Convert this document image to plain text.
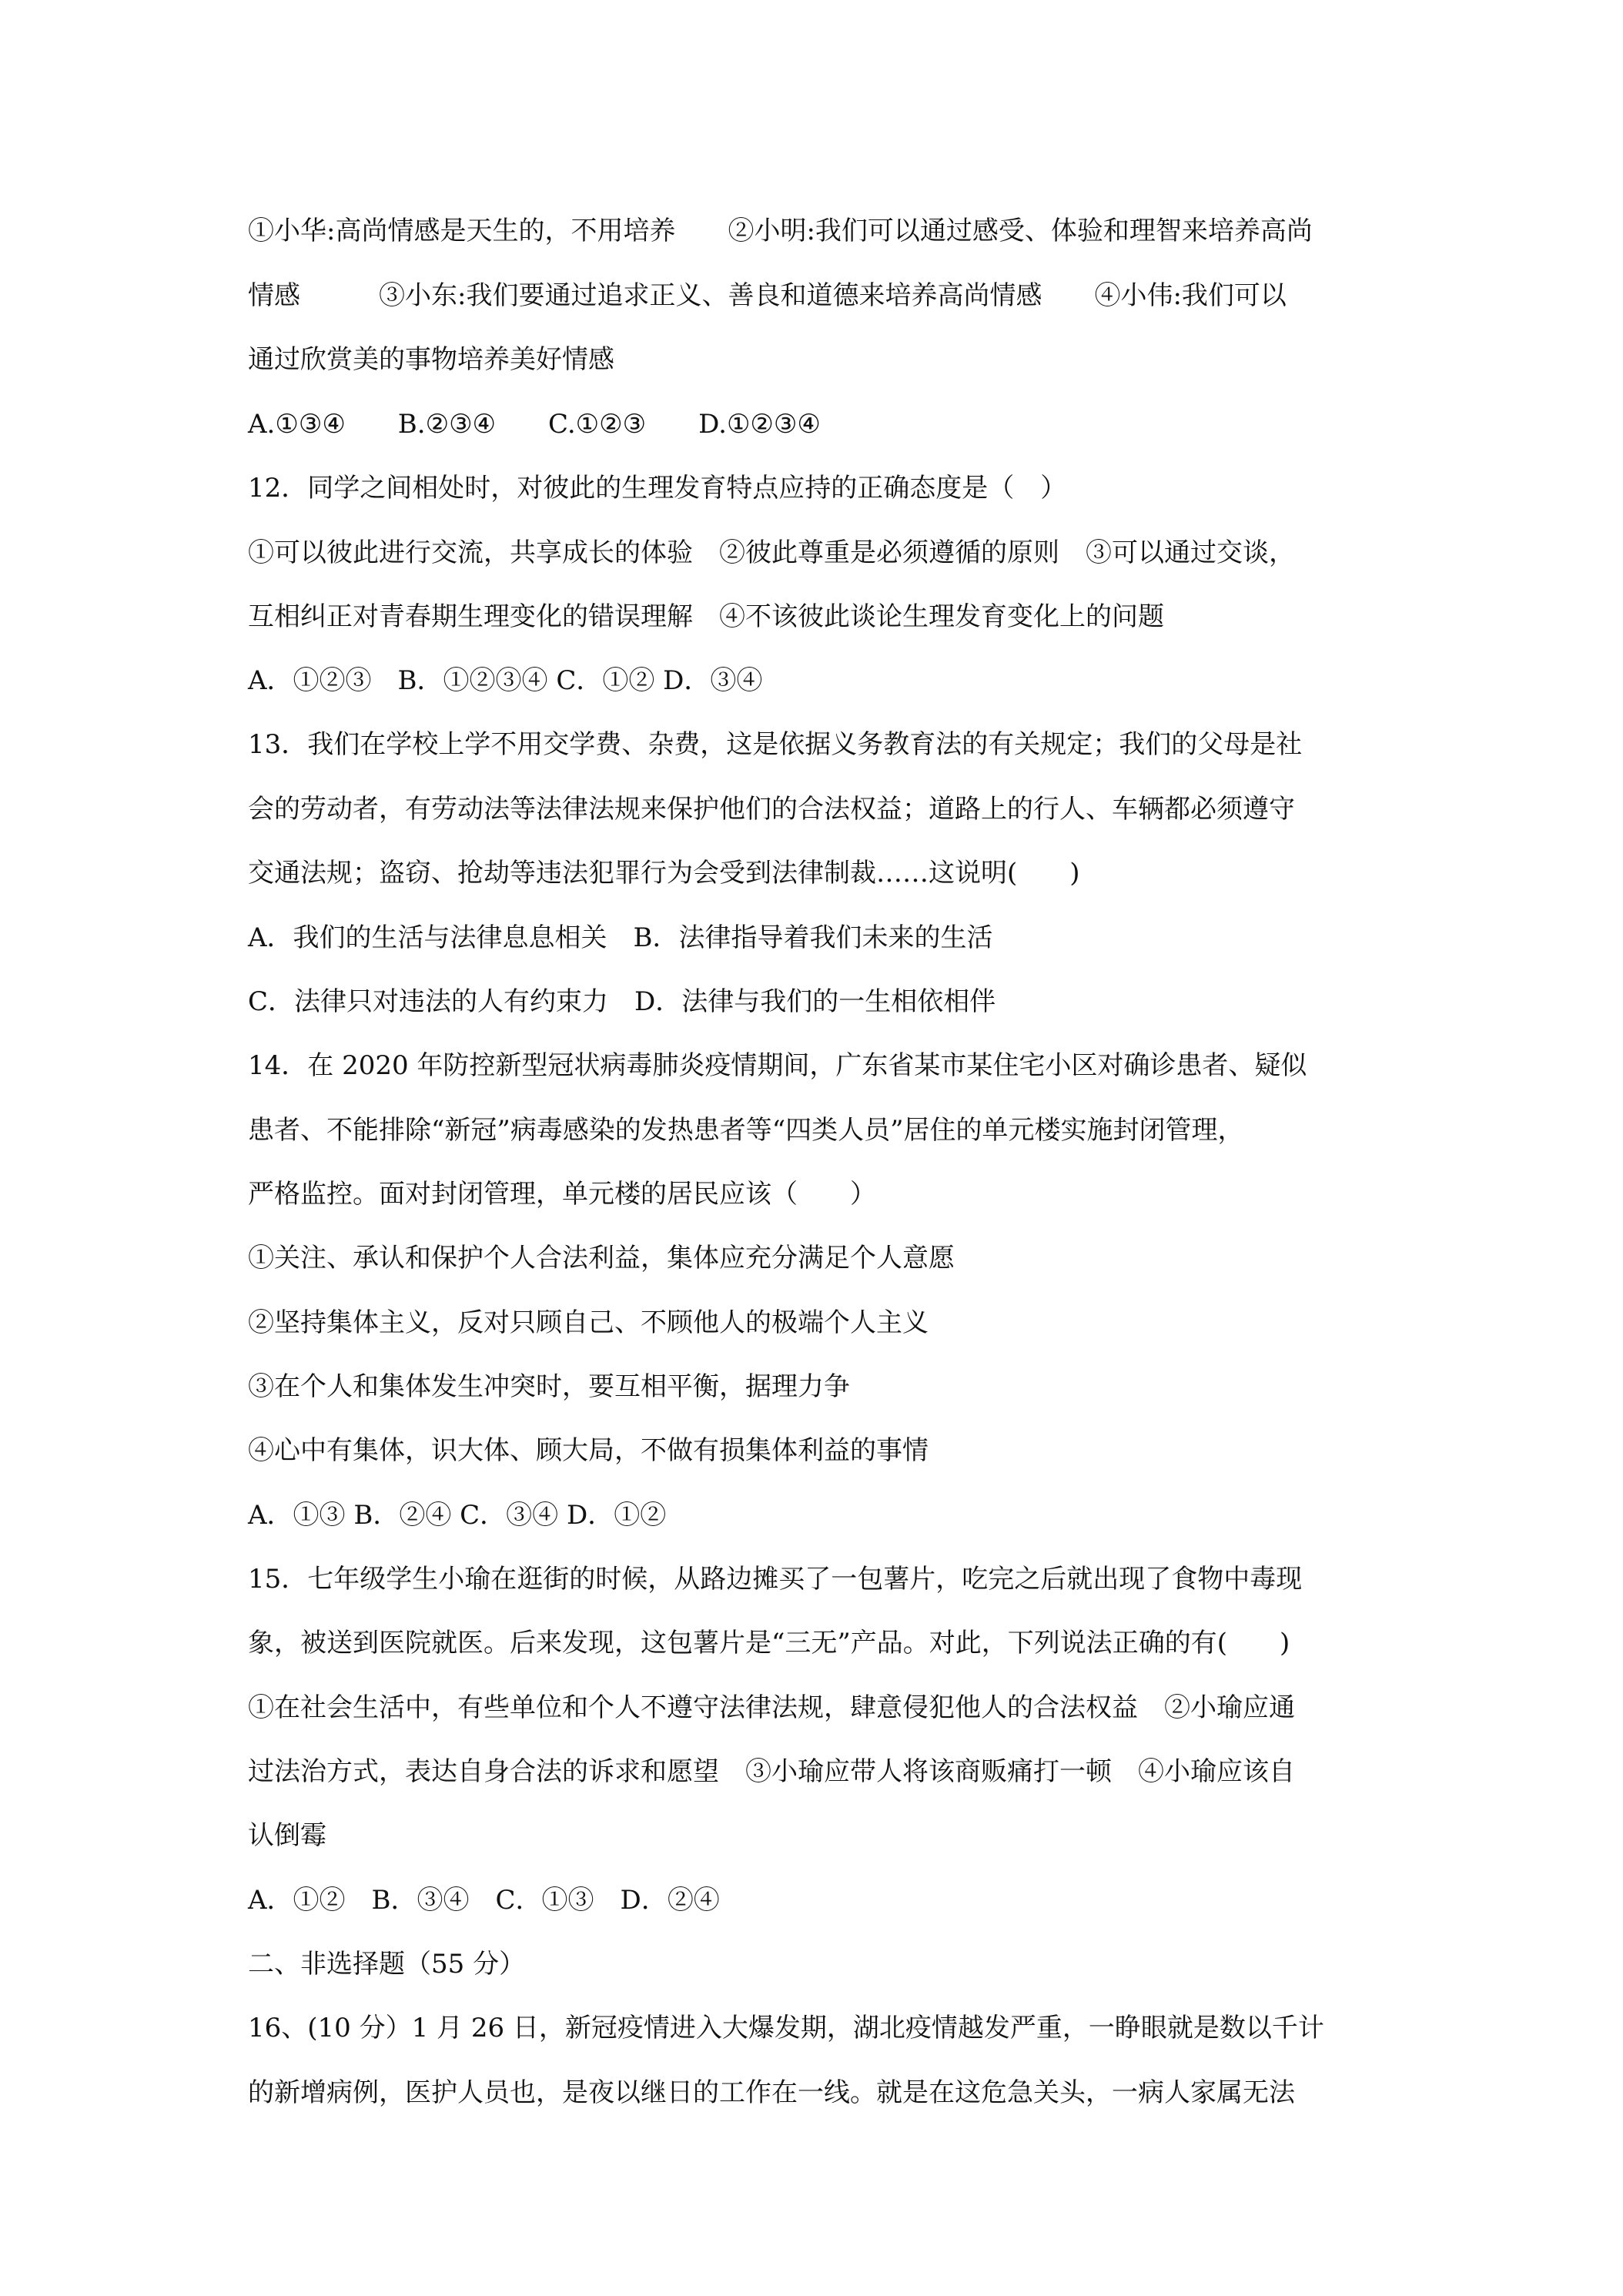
①小华:高尚情感是天生的，不用培养　　②小明:我们可以通过感受、体验和理智来培养高尚
情感　　　③小东:我们要通过追求正义、善良和道德来培养高尚情感　　④小伟:我们可以
通过欣赏美的事物培养美好情感
A.①③④　　B.②③④　　C.①②③　　D.①②③④
12．同学之间相处时，对彼此的生理发育特点应持的正确态度是（　）
①可以彼此进行交流，共享成长的体验　②彼此尊重是必须遵循的原则　③可以通过交谈，
互相纠正对青春期生理变化的错误理解　④不该彼此谈论生理发育变化上的问题
A．①②③　B．①②③④ C．①② D．③④
13．我们在学校上学不用交学费、杂费，这是依据义务教育法的有关规定；我们的父母是社
会的劳动者，有劳动法等法律法规来保护他们的合法权益；道路上的行人、车辆都必须遵守
交通法规；盗窃、抢劫等违法犯罪行为会受到法律制裁……这说明(　　)
A．我们的生活与法律息息相关　B．法律指导着我们未来的生活
C．法律只对违法的人有约束力　D．法律与我们的一生相依相伴
14．在 2020 年防控新型冠状病毒肺炎疫情期间，广东省某市某住宅小区对确诊患者、疑似
患者、不能排除“新冠”病毒感染的发热患者等“四类人员”居住的单元楼实施封闭管理，
严格监控。面对封闭管理，单元楼的居民应该（　　）
①关注、承认和保护个人合法利益，集体应充分满足个人意愿
②坚持集体主义，反对只顾自己、不顾他人的极端个人主义
③在个人和集体发生冲突时，要互相平衡，据理力争
④心中有集体，识大体、顾大局，不做有损集体利益的事情
A．①③ B．②④ C．③④ D．①②
15．七年级学生小瑜在逛街的时候，从路边摊买了一包薯片，吃完之后就出现了食物中毒现
象，被送到医院就医。后来发现，这包薯片是“三无”产品。对此，下列说法正确的有(　　)
①在社会生活中，有些单位和个人不遵守法律法规，肆意侵犯他人的合法权益　②小瑜应通
过法治方式，表达自身合法的诉求和愿望　③小瑜应带人将该商贩痛打一顿　④小瑜应该自
认倒霉
A．①②　B．③④　C．①③　D．②④
二、非选择题（55 分）
16、(10 分）1 月 26 日，新冠疫情进入大爆发期，湖北疫情越发严重，一睁眼就是数以千计
的新增病例，医护人员也，是夜以继日的工作在一线。就是在这危急关头，一病人家属无法
